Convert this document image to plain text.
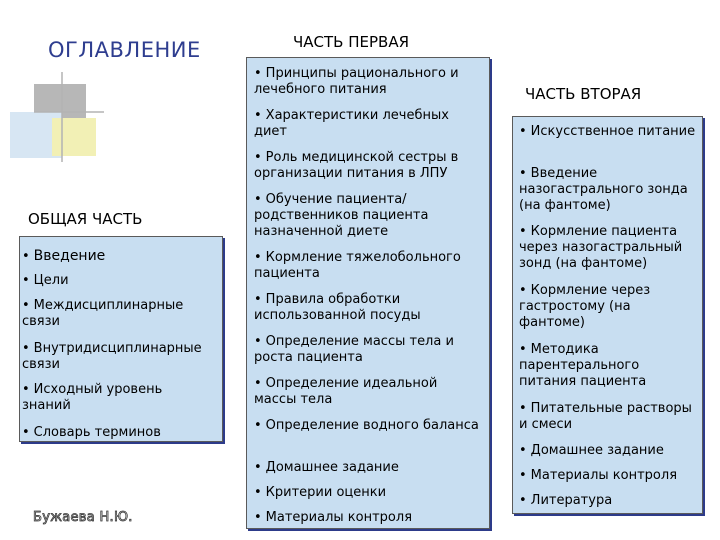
ОГЛАВЛЕНИЕ
ОБЩАЯ ЧАСТЬ
• Введение
• Цели
• Междисциплинарные связи
• Внутридисциплинарные связи
• Исходный уровень знаний
• Словарь терминов
ЧАСТЬ ПЕРВАЯ
• Принципы рационального и лечебного питания
• Характеристики лечебных диет
• Роль медицинской сестры в организации питания в ЛПУ
• Обучение пациента/родственников пациента назначенной диете
• Кормление тяжелобольного пациента
• Правила обработки использованной посуды
• Определение массы тела и роста пациента
• Определение идеальной массы тела
• Определение водного баланса
• Домашнее задание
• Критерии оценки
• Материалы контроля
ЧАСТЬ ВТОРАЯ
• Искусственное питание
• Введение назогастрального зонда (на фантоме)
• Кормление пациента через назогастральный зонд (на фантоме)
• Кормление через гастростому (на фантоме)
• Методика парентерального питания пациента
• Питательные растворы и смеси
• Домашнее задание
• Материалы контроля
• Литература
Бужаева Н.Ю.
